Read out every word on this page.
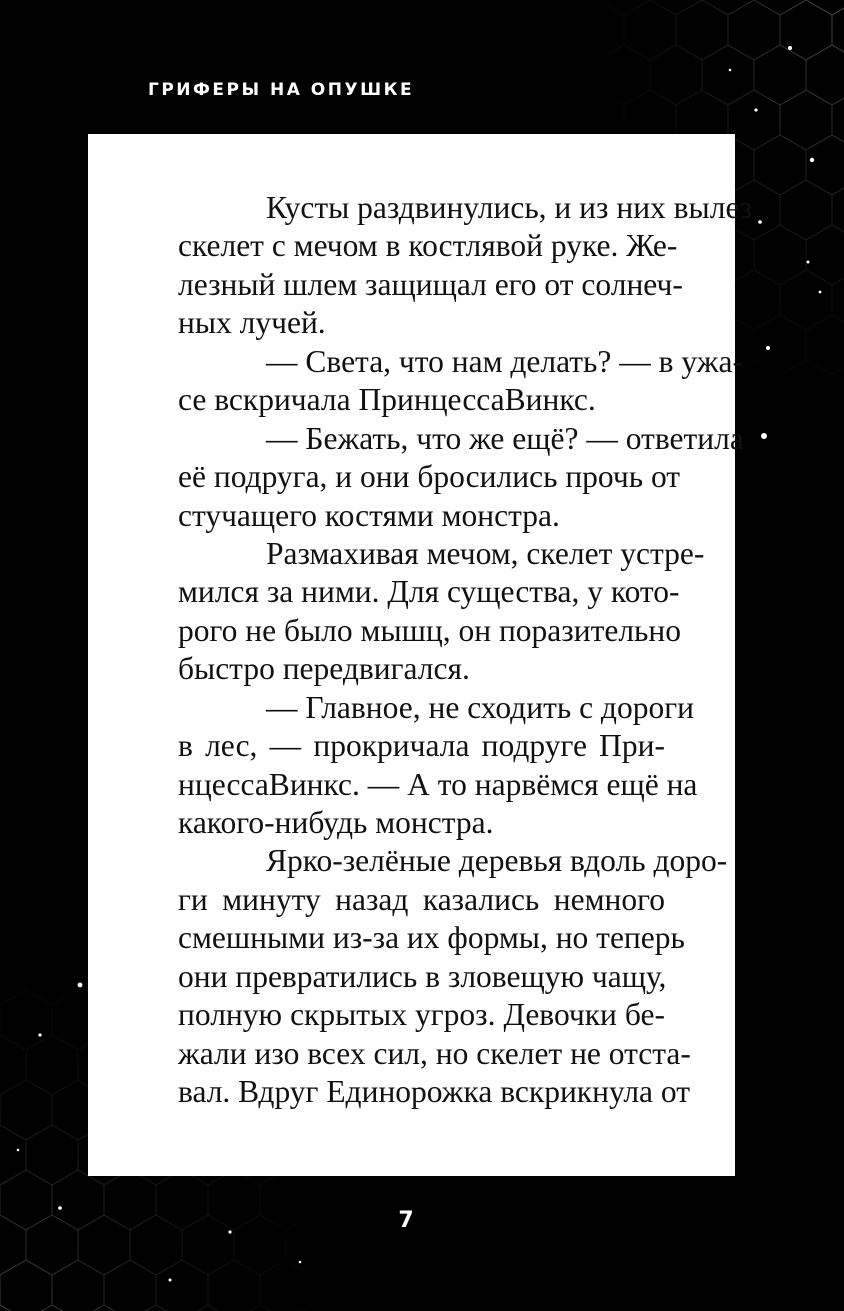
ГРИФЕРЫ НА ОПУШКЕ
Кусты раздвинулись, и из них вылез
скелет с мечом в костлявой руке. Же-
лезный шлем защищал его от солнеч-
ных лучей.
— Света, что нам делать? — в ужа-
се вскричала ПринцессаВинкс.
— Бежать, что же ещё? — ответила
её подруга, и они бросились прочь от
стучащего костями монстра.
Размахивая мечом, скелет устре-
мился за ними. Для существа, у кото-
рого не было мышц, он поразительно
быстро передвигался.
— Главное, не сходить с дороги
в лес, — прокричала подруге При-
нцессаВинкс. — А то нарвёмся ещё на
какого-нибудь монстра.
Ярко-зелёные деревья вдоль доро-
ги минуту назад казались немного
смешными из-за их формы, но теперь
они превратились в зловещую чащу,
полную скрытых угроз. Девочки бе-
жали изо всех сил, но скелет не отста-
вал. Вдруг Единорожка вскрикнула от
7
